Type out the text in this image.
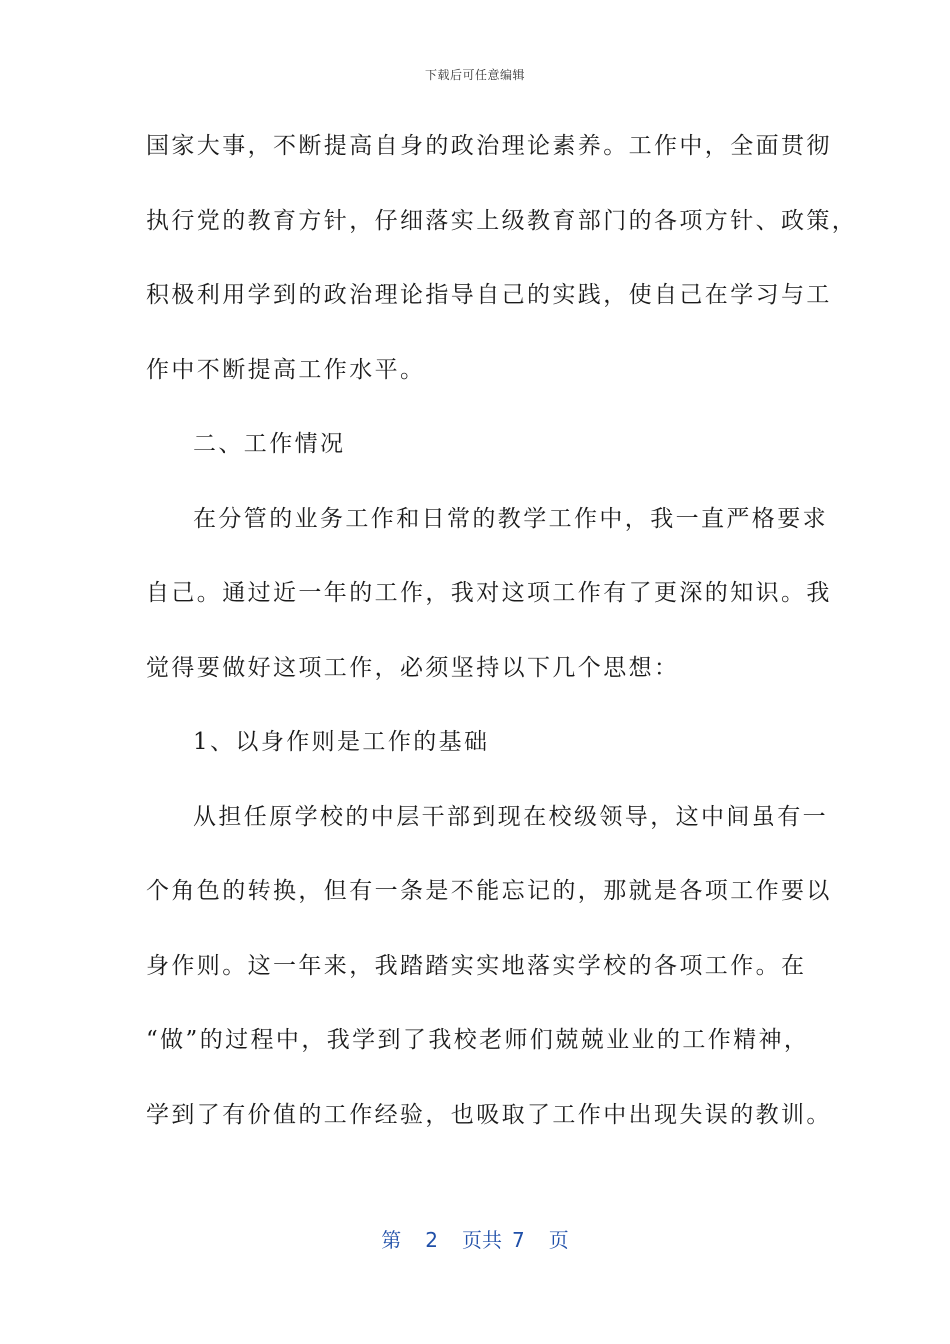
下载后可任意编辑
国家大事，不断提高自身的政治理论素养。工作中，全面贯彻
执行党的教育方针，仔细落实上级教育部门的各项方针、政策，
积极利用学到的政治理论指导自己的实践，使自己在学习与工
作中不断提高工作水平。
二、工作情况
在分管的业务工作和日常的教学工作中，我一直严格要求
自己。通过近一年的工作，我对这项工作有了更深的知识。我
觉得要做好这项工作，必须坚持以下几个思想：
1、以身作则是工作的基础
从担任原学校的中层干部到现在校级领导，这中间虽有一
个角色的转换，但有一条是不能忘记的，那就是各项工作要以
身作则。这一年来，我踏踏实实地落实学校的各项工作。在
“做”的过程中，我学到了我校老师们兢兢业业的工作精神，
学到了有价值的工作经验，也吸取了工作中出现失误的教训。
第 2 页共 7 页
